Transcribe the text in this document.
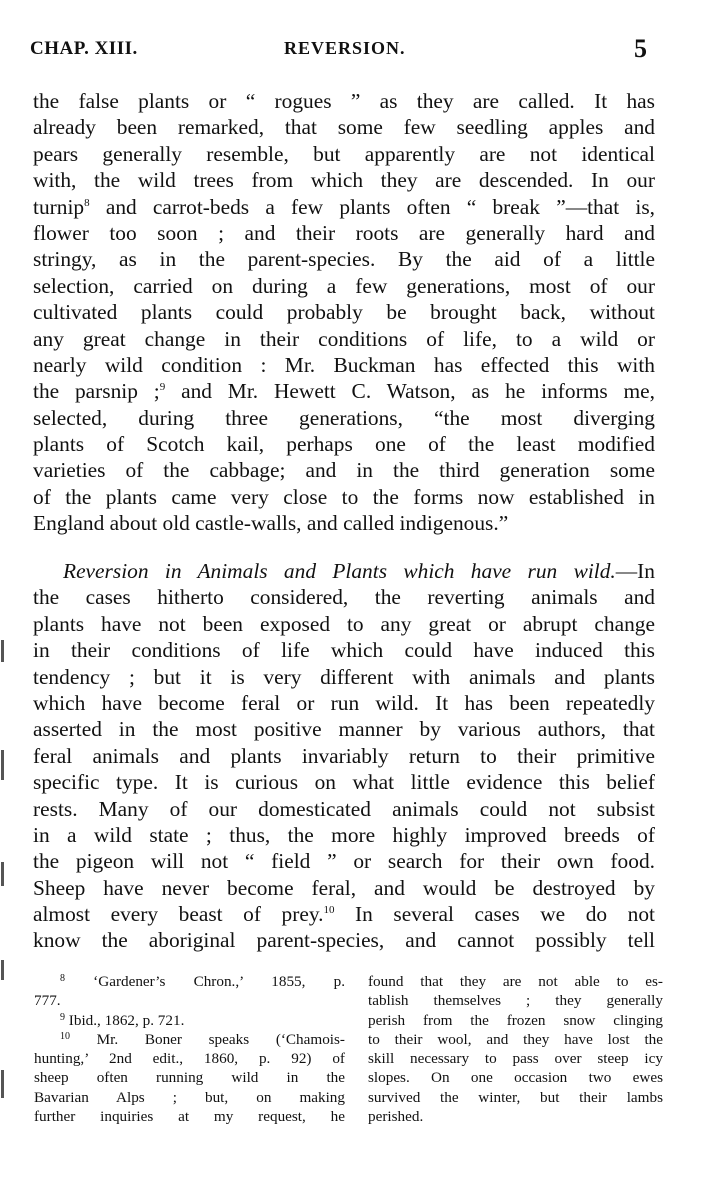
CHAP. XIII.	REVERSION.	5
the false plants or “ rogues ” as they are called. It has
already been remarked, that some few seedling apples and
pears generally resemble, but apparently are not identical
with, the wild trees from which they are descended. In our
turnip$^8$ and carrot-beds a few plants often “ break ”—that is,
flower too soon ; and their roots are generally hard and
stringy, as in the parent-species. By the aid of a little
selection, carried on during a few generations, most of our
cultivated plants could probably be brought back, without
any great change in their conditions of life, to a wild or
nearly wild condition : Mr. Buckman has effected this with
the parsnip ;$^9$ and Mr. Hewett C. Watson, as he informs me,
selected, during three generations, “the most diverging
plants of Scotch kail, perhaps one of the least modified
varieties of the cabbage; and in the third generation some
of the plants came very close to the forms now established in
England about old castle-walls, and called indigenous.”
Reversion in Animals and Plants which have run wild.—In
the cases hitherto considered, the reverting animals and
plants have not been exposed to any great or abrupt change
in their conditions of life which could have induced this
tendency ; but it is very different with animals and plants
which have become feral or run wild. It has been repeatedly
asserted in the most positive manner by various authors, that
feral animals and plants invariably return to their primitive
specific type. It is curious on what little evidence this belief
rests. Many of our domesticated animals could not subsist
in a wild state ; thus, the more highly improved breeds of
the pigeon will not “ field ” or search for their own food.
Sheep have never become feral, and would be destroyed by
almost every beast of prey.$^{10}$ In several cases we do not
know the aboriginal parent-species, and cannot possibly tell
$^8$ ‘Gardener’s Chron.,’ 1855, p.
777.
$^9$ Ibid., 1862, p. 721.
$^{10}$ Mr. Boner speaks (‘Chamois-
hunting,’ 2nd edit., 1860, p. 92) of
sheep often running wild in the
Bavarian Alps ; but, on making
further inquiries at my request, he
found that they are not able to es-
tablish themselves ; they generally
perish from the frozen snow clinging
to their wool, and they have lost the
skill necessary to pass over steep icy
slopes. On one occasion two ewes
survived the winter, but their lambs
perished.
